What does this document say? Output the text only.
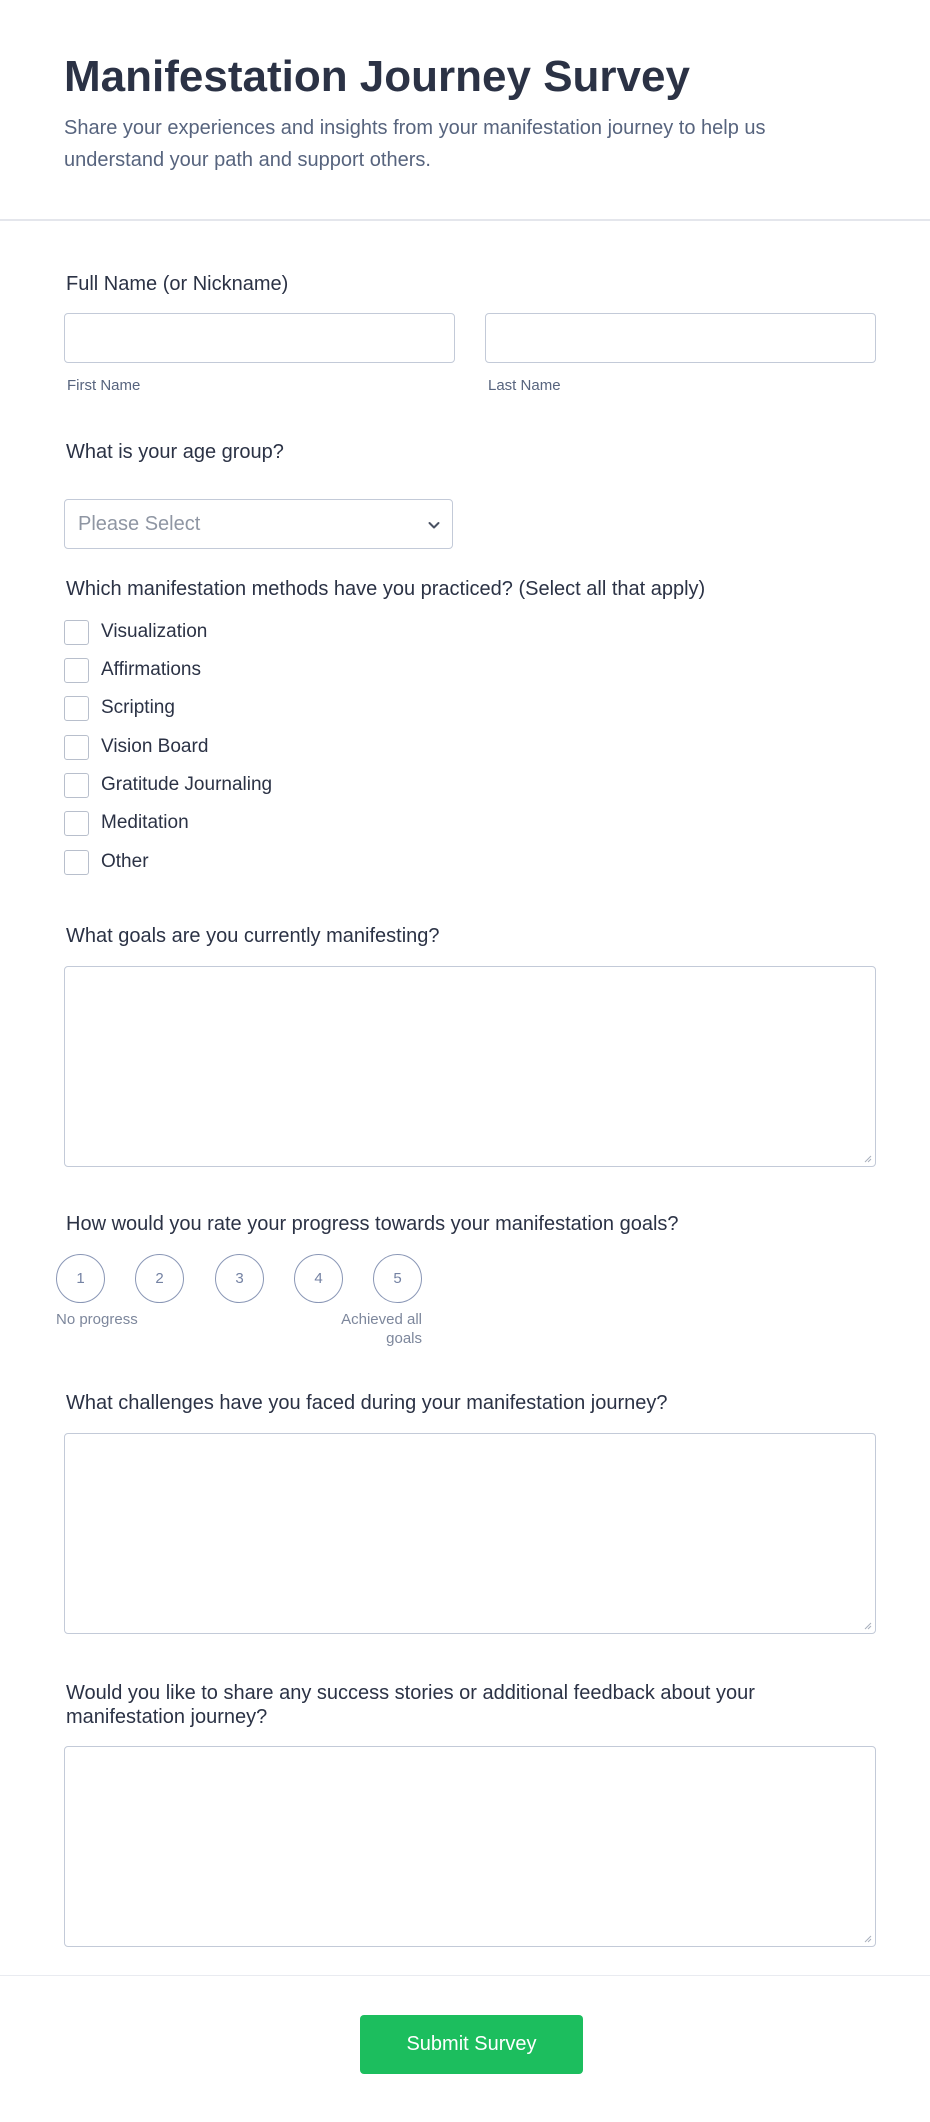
Manifestation Journey Survey
Share your experiences and insights from your manifestation journey to help us understand your path and support others.
Full Name (or Nickname)
First Name	Last Name
What is your age group?
Please Select
Which manifestation methods have you practiced? (Select all that apply)
Visualization
Affirmations
Scripting
Vision Board
Gratitude Journaling
Meditation
Other
What goals are you currently manifesting?
How would you rate your progress towards your manifestation goals?
1	2	3	4	5
No progress	Achieved all
goals
What challenges have you faced during your manifestation journey?
Would you like to share any success stories or additional feedback about your
manifestation journey?
Submit Survey
